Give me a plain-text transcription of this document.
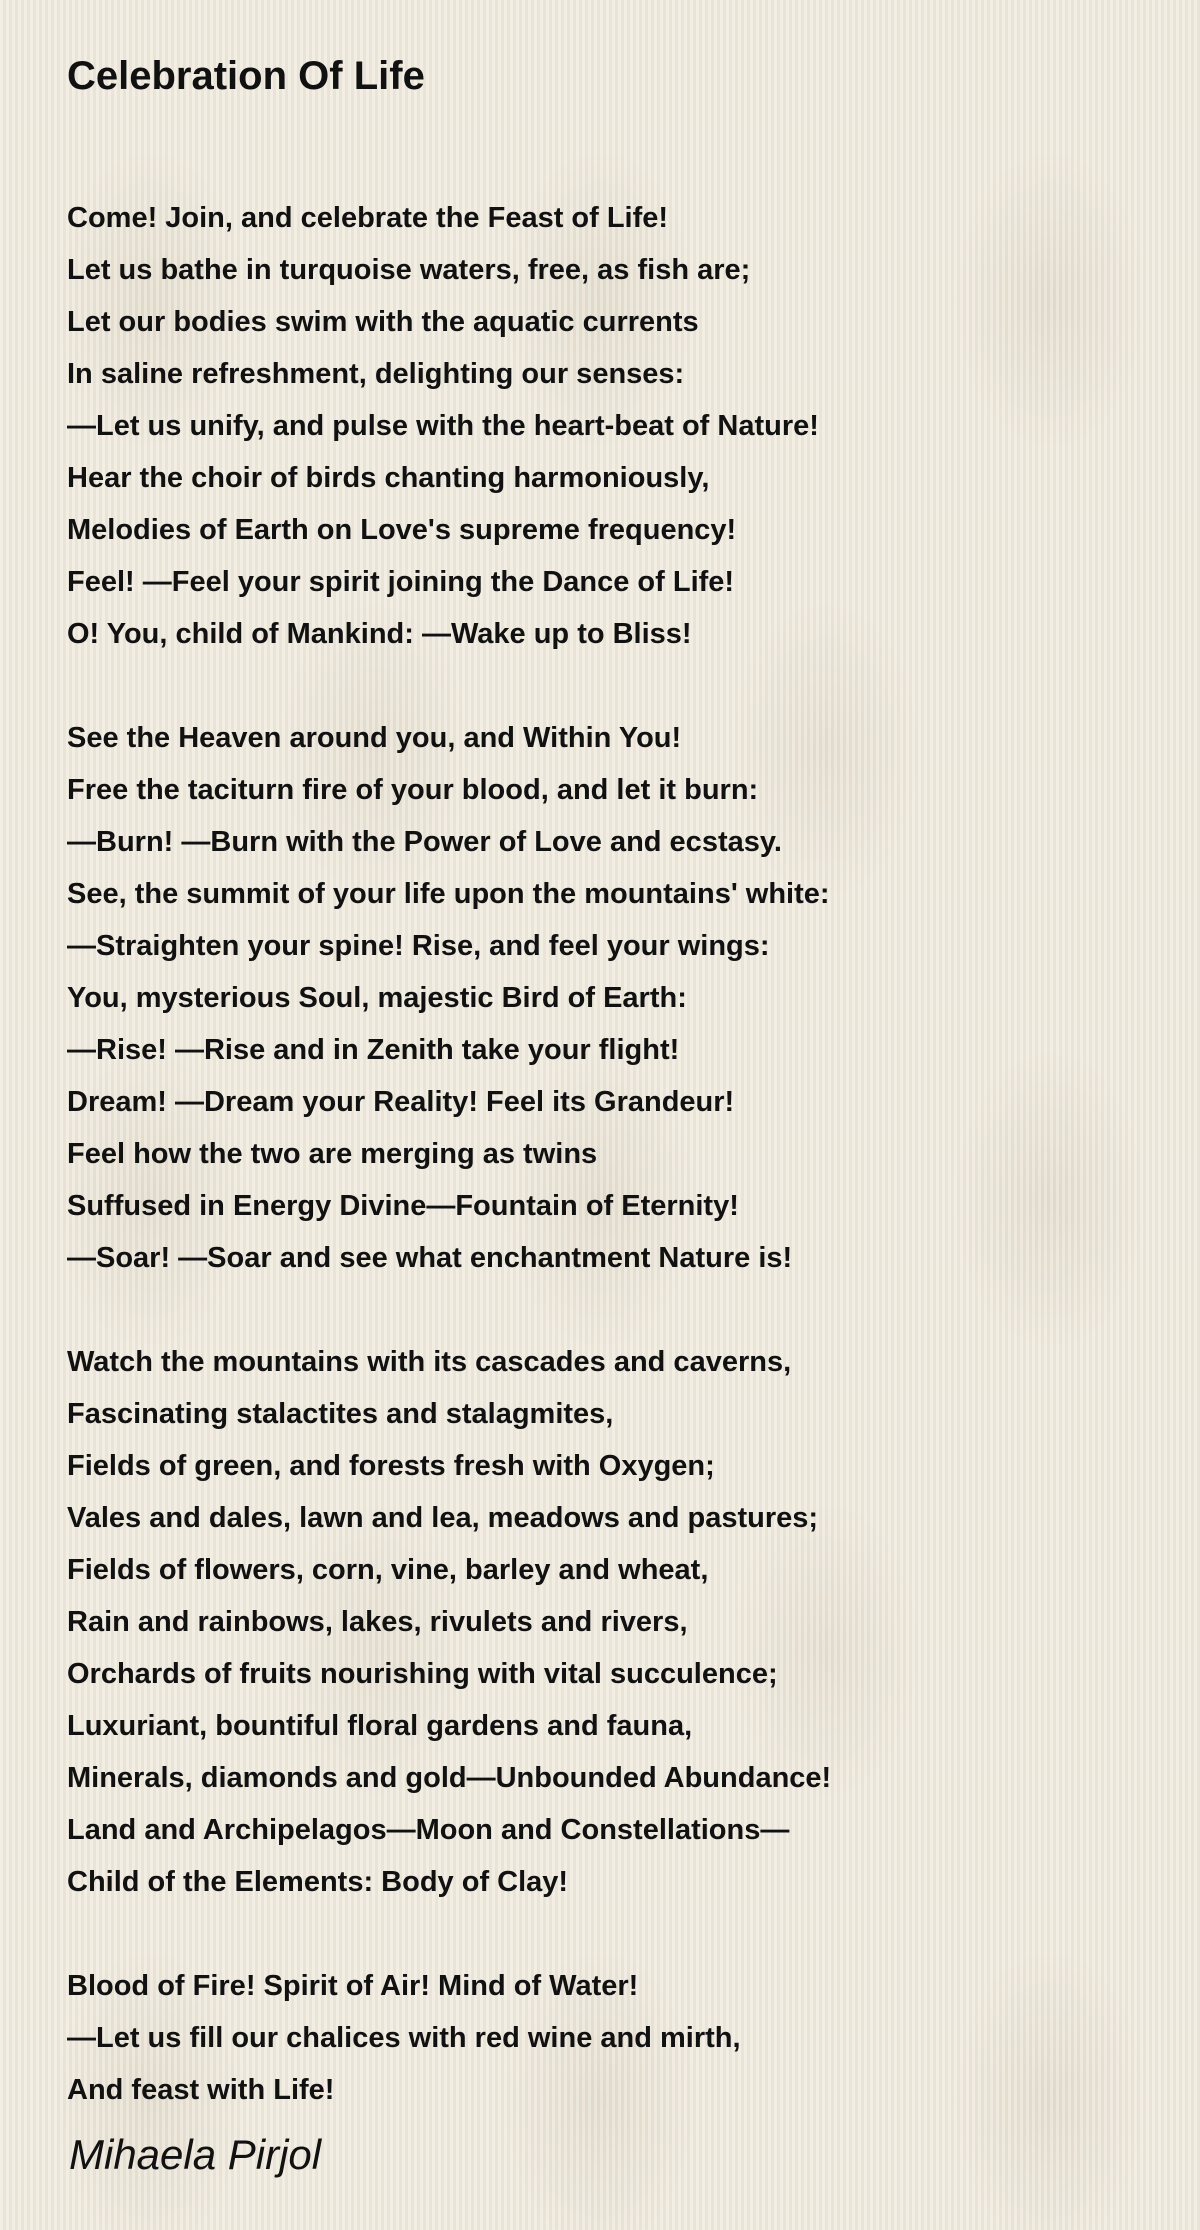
Celebration Of Life
Come! Join, and celebrate the Feast of Life!
Let us bathe in turquoise waters, free, as fish are;
Let our bodies swim with the aquatic currents
In saline refreshment, delighting our senses:
—Let us unify, and pulse with the heart-beat of Nature!
Hear the choir of birds chanting harmoniously,
Melodies of Earth on Love's supreme frequency!
Feel! —Feel your spirit joining the Dance of Life!
O! You, child of Mankind: —Wake up to Bliss!
See the Heaven around you, and Within You!
Free the taciturn fire of your blood, and let it burn:
—Burn! —Burn with the Power of Love and ecstasy.
See, the summit of your life upon the mountains' white:
—Straighten your spine! Rise, and feel your wings:
You, mysterious Soul, majestic Bird of Earth:
—Rise! —Rise and in Zenith take your flight!
Dream! —Dream your Reality! Feel its Grandeur!
Feel how the two are merging as twins
Suffused in Energy Divine—Fountain of Eternity!
—Soar! —Soar and see what enchantment Nature is!
Watch the mountains with its cascades and caverns,
Fascinating stalactites and stalagmites,
Fields of green, and forests fresh with Oxygen;
Vales and dales, lawn and lea, meadows and pastures;
Fields of flowers, corn, vine, barley and wheat,
Rain and rainbows, lakes, rivulets and rivers,
Orchards of fruits nourishing with vital succulence;
Luxuriant, bountiful floral gardens and fauna,
Minerals, diamonds and gold—Unbounded Abundance!
Land and Archipelagos—Moon and Constellations—
Child of the Elements: Body of Clay!
Blood of Fire! Spirit of Air! Mind of Water!
—Let us fill our chalices with red wine and mirth,
And feast with Life!
Mihaela Pirjol
